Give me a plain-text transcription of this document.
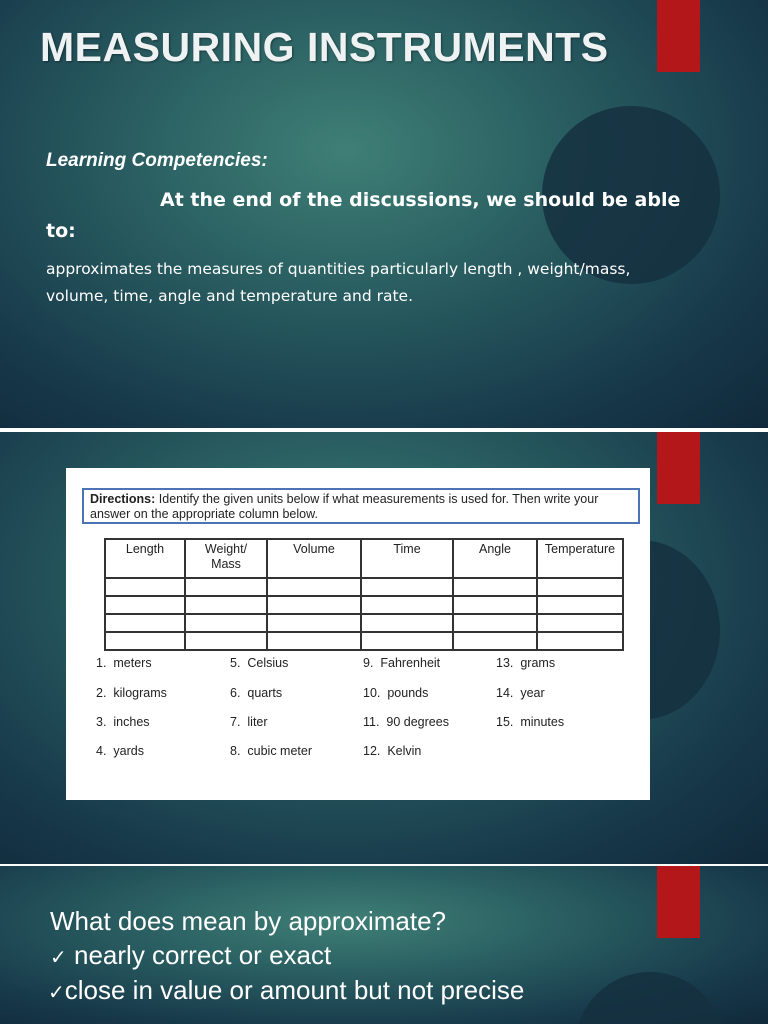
MEASURING INSTRUMENTS
Learning Competencies:
At the end of the discussions, we should be able to:
approximates the measures of quantities particularly length , weight/mass, volume, time, angle and temperature and rate.
Directions: Identify the given units below if what measurements is used for. Then write your answer on the appropriate column below.
Length	Weight/ Mass	Volume	Time	Angle	Temperature

1. meters
2. kilograms
3. inches
4. yards
5. Celsius
6. quarts
7. liter
8. cubic meter
9. Fahrenheit
10. pounds
11. 90 degrees
12. Kelvin
13. grams
14. year
15. minutes
What does mean by approximate?
✓ nearly correct or exact
✓close in value or amount but not precise
